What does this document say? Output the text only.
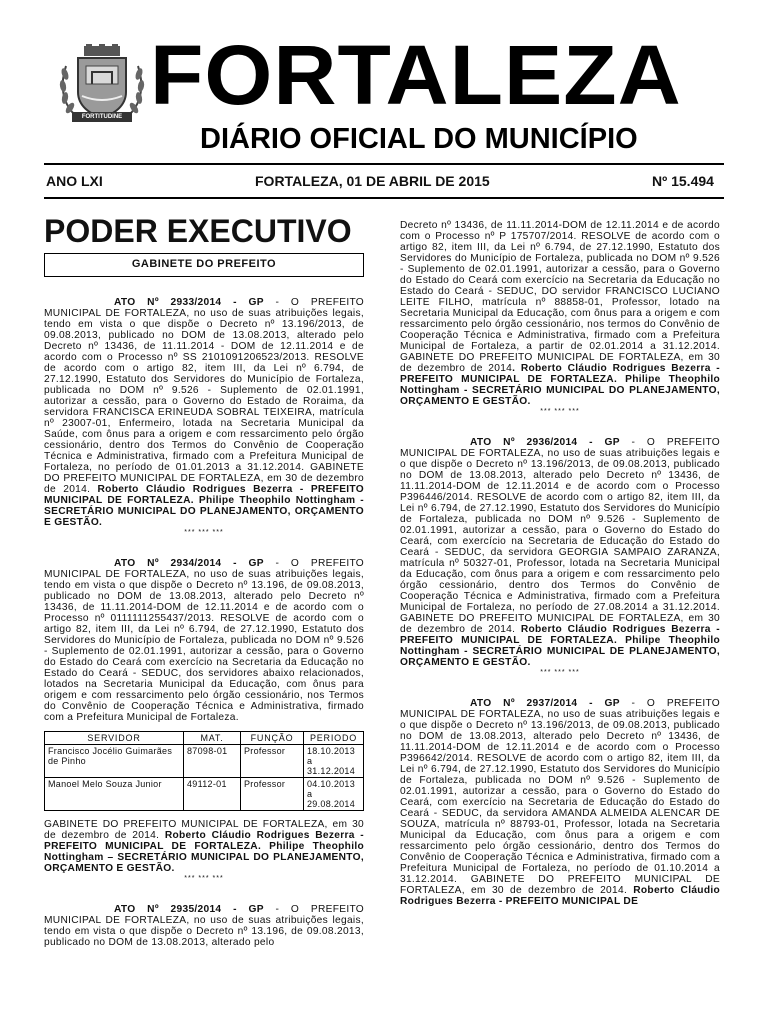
FORTITUDINE FORTALEZA
DIÁRIO OFICIAL DO MUNICÍPIO
ANO LXI	FORTALEZA, 01 DE ABRIL DE 2015	Nº 15.494
PODER EXECUTIVO
GABINETE DO PREFEITO

ATO Nº 2933/2014 - GP - O PREFEITO MUNICIPAL DE FORTALEZA, no uso de suas atribuições legais, tendo em vista o que dispõe o Decreto nº 13.196/2013, de 09.08.2013, publicado no DOM de 13.08.2013, alterado pelo Decreto nº 13436, de 11.11.2014 - DOM de 12.11.2014 e de acordo com o Processo nº SS 2101091206523/2013. RESOLVE de acordo com o artigo 82, item III, da Lei nº 6.794, de 27.12.1990, Estatuto dos Servidores do Município de Fortaleza, publicada no DOM nº 9.526 - Suplemento de 02.01.1991, autorizar a cessão, para o Governo do Estado de Roraima, da servidora FRANCISCA ERINEUDA SOBRAL TEIXEIRA, matrícula nº 23007-01, Enfermeiro, lotada na Secretaria Municipal da Saúde, com ônus para a origem e com ressarcimento pelo órgão cessionário, dentro dos Termos do Convênio de Cooperação Técnica e Administrativa, firmado com a Prefeitura Municipal de Fortaleza, no período de 01.01.2013 a 31.12.2014. GABINETE DO PREFEITO MUNICIPAL DE FORTALEZA, em 30 de dezembro de 2014. Roberto Cláudio Rodrigues Bezerra - PREFEITO MUNICIPAL DE FORTALEZA. Philipe Theophilo Nottingham - SECRETÁRIO MUNICIPAL DO PLANEJAMENTO, ORÇAMENTO E GESTÃO.

*** *** ***

ATO Nº 2934/2014 - GP - O PREFEITO MUNICIPAL DE FORTALEZA, no uso de suas atribuições legais, tendo em vista o que dispõe o Decreto nº 13.196, de 09.08.2013, publicado no DOM de 13.08.2013, alterado pelo Decreto nº 13436, de 11.11.2014-DOM de 12.11.2014 e de acordo com o Processo nº 0111111255437/2013. RESOLVE de acordo com o artigo 82, item III, da Lei nº 6.794, de 27.12.1990, Estatuto dos Servidores do Município de Fortaleza, publicada no DOM nº 9.526 - Suplemento de 02.01.1991, autorizar a cessão, para o Governo do Estado do Ceará com exercício na Secretaria da Educação no Estado do Ceará - SEDUC, dos servidores abaixo relacionados, lotados na Secretaria Municipal da Educação, com ônus para origem e com ressarcimento pelo órgão cessionário, nos Termos do Convênio de Cooperação Técnica e Administrativa, firmado com a Prefeitura Municipal de Fortaleza.

SERVIDOR	MAT.	FUNÇÃO	PERIODO
Francisco Jocélio Guimarães de Pinho	87098-01	Professor	18.10.2013 a 31.12.2014
Manoel Melo Souza Junior	49112-01	Professor	04.10.2013 a 29.08.2014

GABINETE DO PREFEITO MUNICIPAL DE FORTALEZA, em 30 de dezembro de 2014. Roberto Cláudio Rodrigues Bezerra - PREFEITO MUNICIPAL DE FORTALEZA. Philipe Theophilo Nottingham – SECRETÁRIO MUNICIPAL DO PLANEJAMENTO, ORÇAMENTO E GESTÃO.

*** *** ***

ATO Nº 2935/2014 - GP - O PREFEITO MUNICIPAL DE FORTALEZA, no uso de suas atribuições legais, tendo em vista o que dispõe o Decreto nº 13.196, de 09.08.2013, publicado no DOM de 13.08.2013, alterado pelo

Decreto nº 13436, de 11.11.2014-DOM de 12.11.2014 e de acordo com o Processo nº P 175707/2014. RESOLVE de acordo com o artigo 82, item III, da Lei nº 6.794, de 27.12.1990, Estatuto dos Servidores do Município de Fortaleza, publicada no DOM nº 9.526 - Suplemento de 02.01.1991, autorizar a cessão, para o Governo do Estado do Ceará com exercício na Secretaria da Educação no Estado do Ceará - SEDUC, DO servidor FRANCISCO LUCIANO LEITE FILHO, matrícula nº 88858-01, Professor, lotado na Secretaria Municipal da Educação, com ônus para a origem e com ressarcimento pelo órgão cessionário, nos termos do Convênio de Cooperação Técnica e Administrativa, firmado com a Prefeitura Municipal de Fortaleza, a partir de 02.01.2014 a 31.12.2014. GABINETE DO PREFEITO MUNICIPAL DE FORTALEZA, em 30 de dezembro de 2014. Roberto Cláudio Rodrigues Bezerra - PREFEITO MUNICIPAL DE FORTALEZA. Philipe Theophilo Nottingham - SECRETÁRIO MUNICIPAL DO PLANEJAMENTO, ORÇAMENTO E GESTÃO.

*** *** ***

ATO Nº 2936/2014 - GP - O PREFEITO MUNICIPAL DE FORTALEZA, no uso de suas atribuições legais e o que dispõe o Decreto nº 13.196/2013, de 09.08.2013, publicado no DOM de 13.08.2013, alterado pelo Decreto nº 13436, de 11.11.2014-DOM de 12.11.2014 e de acordo com o Processo P396446/2014. RESOLVE de acordo com o artigo 82, item III, da Lei nº 6.794, de 27.12.1990, Estatuto dos Servidores do Município de Fortaleza, publicada no DOM nº 9.526 - Suplemento de 02.01.1991, autorizar a cessão, para o Governo do Estado do Ceará, com exercício na Secretaria de Educação do Estado do Ceará - SEDUC, da servidora GEORGIA SAMPAIO ZARANZA, matrícula nº 50327-01, Professor, lotada na Secretaria Municipal da Educação, com ônus para a origem e com ressarcimento pelo órgão cessionário, dentro dos Termos do Convênio de Cooperação Técnica e Administrativa, firmado com a Prefeitura Municipal de Fortaleza, no período de 27.08.2014 a 31.12.2014. GABINETE DO PREFEITO MUNICIPAL DE FORTALEZA, em 30 de dezembro de 2014. Roberto Cláudio Rodrigues Bezerra - PREFEITO MUNICIPAL DE FORTALEZA. Philipe Theophilo Nottingham - SECRETÁRIO MUNICIPAL DE PLANEJAMENTO, ORÇAMENTO E GESTÃO.

*** *** ***

ATO Nº 2937/2014 - GP - O PREFEITO MUNICIPAL DE FORTALEZA, no uso de suas atribuições legais e o que dispõe o Decreto nº 13.196/2013, de 09.08.2013, publicado no DOM de 13.08.2013, alterado pelo Decreto nº 13436, de 11.11.2014-DOM de 12.11.2014 e de acordo com o Processo P396642/2014. RESOLVE de acordo com o artigo 82, item III, da Lei nº 6.794, de 27.12.1990, Estatuto dos Servidores do Município de Fortaleza, publicada no DOM nº 9.526 - Suplemento de 02.01.1991, autorizar a cessão, para o Governo do Estado do Ceará, com exercício na Secretaria de Educação do Estado do Ceará - SEDUC, da servidora AMANDA ALMEIDA ALENCAR DE SOUZA, matrícula nº 88793-01, Professor, lotada na Secretaria Municipal da Educação, com ônus para a origem e com ressarcimento pelo órgão cessionário, dentro dos Termos do Convênio de Cooperação Técnica e Administrativa, firmado com a Prefeitura Municipal de Fortaleza, no período de 01.10.2014 a 31.12.2014. GABINETE DO PREFEITO MUNICIPAL DE FORTALEZA, em 30 de dezembro de 2014. Roberto Cláudio Rodrigues Bezerra - PREFEITO MUNICIPAL DE
